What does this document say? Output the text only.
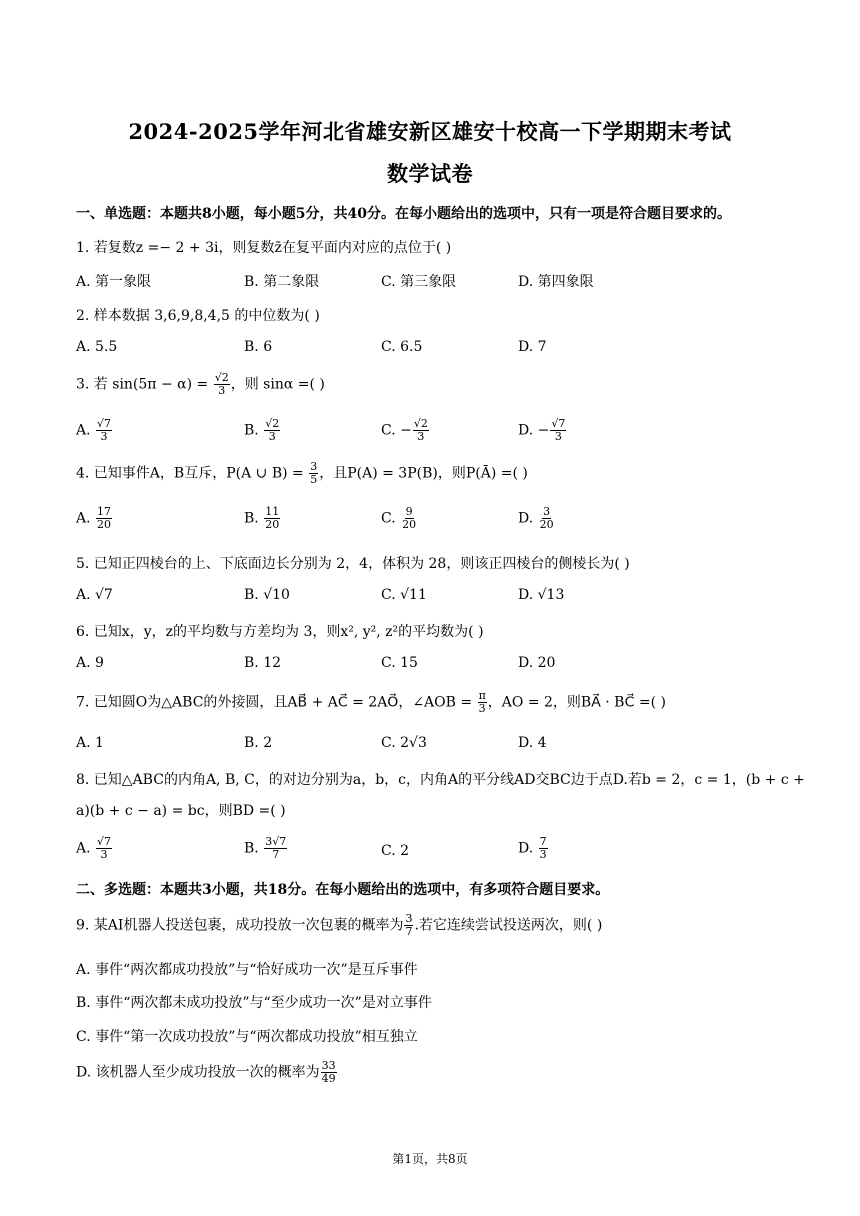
2024-2025学年河北省雄安新区雄安十校高一下学期期末考试
数学试卷
一、单选题：本题共8小题，每小题5分，共40分。在每小题给出的选项中，只有一项是符合题目要求的。
1. 若复数z =− 2 + 3i，则复数z̄在复平面内对应的点位于( )
A. 第一象限	B. 第二象限	C. 第三象限	D. 第四象限
2. 样本数据 3,6,9,8,4,5 的中位数为( )
A. 5.5	B. 6	C. 6.5	D. 7
3. 若 $\sin(5\pi - \alpha) = \frac{√2}{3}$ ，则 sinα =( )
A. $\frac{√7}{3}$	B. $\frac{√2}{3}$	C. − $\frac{√2}{3}$	D. − $\frac{√7}{3}$
4. 已知事件A，B互斥，P(A ∪ $B) = \frac{3}{5}$ ，且P(A) = 3P(B)，则P(Ā) =( )
A. $\frac{17}{20}$	B. $\frac{11}{20}$	C. $\frac{9}{20}$	D. $\frac{3}{20}$
5. 已知正四棱台的上、下底面边长分别为 2，4，体积为 28，则该正四棱台的侧棱长为( )
A. √7	B. √10	C. √11	D. √13
6. 已知x，y，z的平均数与方差均为 3，则x², y², z²的平均数为( )
A. 9	B. 12	C. 15	D. 20
7. 已知圆O为△ABC的外接圆，且AB⃗ + AC⃗ = 2AO⃗，∠AOB = $\frac{\pi}{3}$ ，AO = 2，则BA⃗ · BC⃗ =( )
A. 1	B. 2	C. 2√3	D. 4
8. 已知△ABC的内角A, B, C，的对边分别为a，b，c，内角A的平分线AD交BC边于点D.若b = 2，c = 1，(b + c +
a)(b + c − a) = bc，则BD =( )
A. $\frac{√7}{3}$	B. $\frac{3√7}{7}$	C. 2	D. $\frac{7}{3}$
二、多选题：本题共3小题，共18分。在每小题给出的选项中，有多项符合题目要求。
9. 某AI机器人投送包裹，成功投放一次包裹的概率为 $\frac{3}{7}$ .若它连续尝试投送两次，则( )
A. 事件“两次都成功投放”与“恰好成功一次”是互斥事件
B. 事件“两次都未成功投放”与“至少成功一次”是对立事件
C. 事件“第一次成功投放”与“两次都成功投放”相互独立
D. 该机器人至少成功投放一次的概率为 $\frac{33}{49}$
第1页，共8页
